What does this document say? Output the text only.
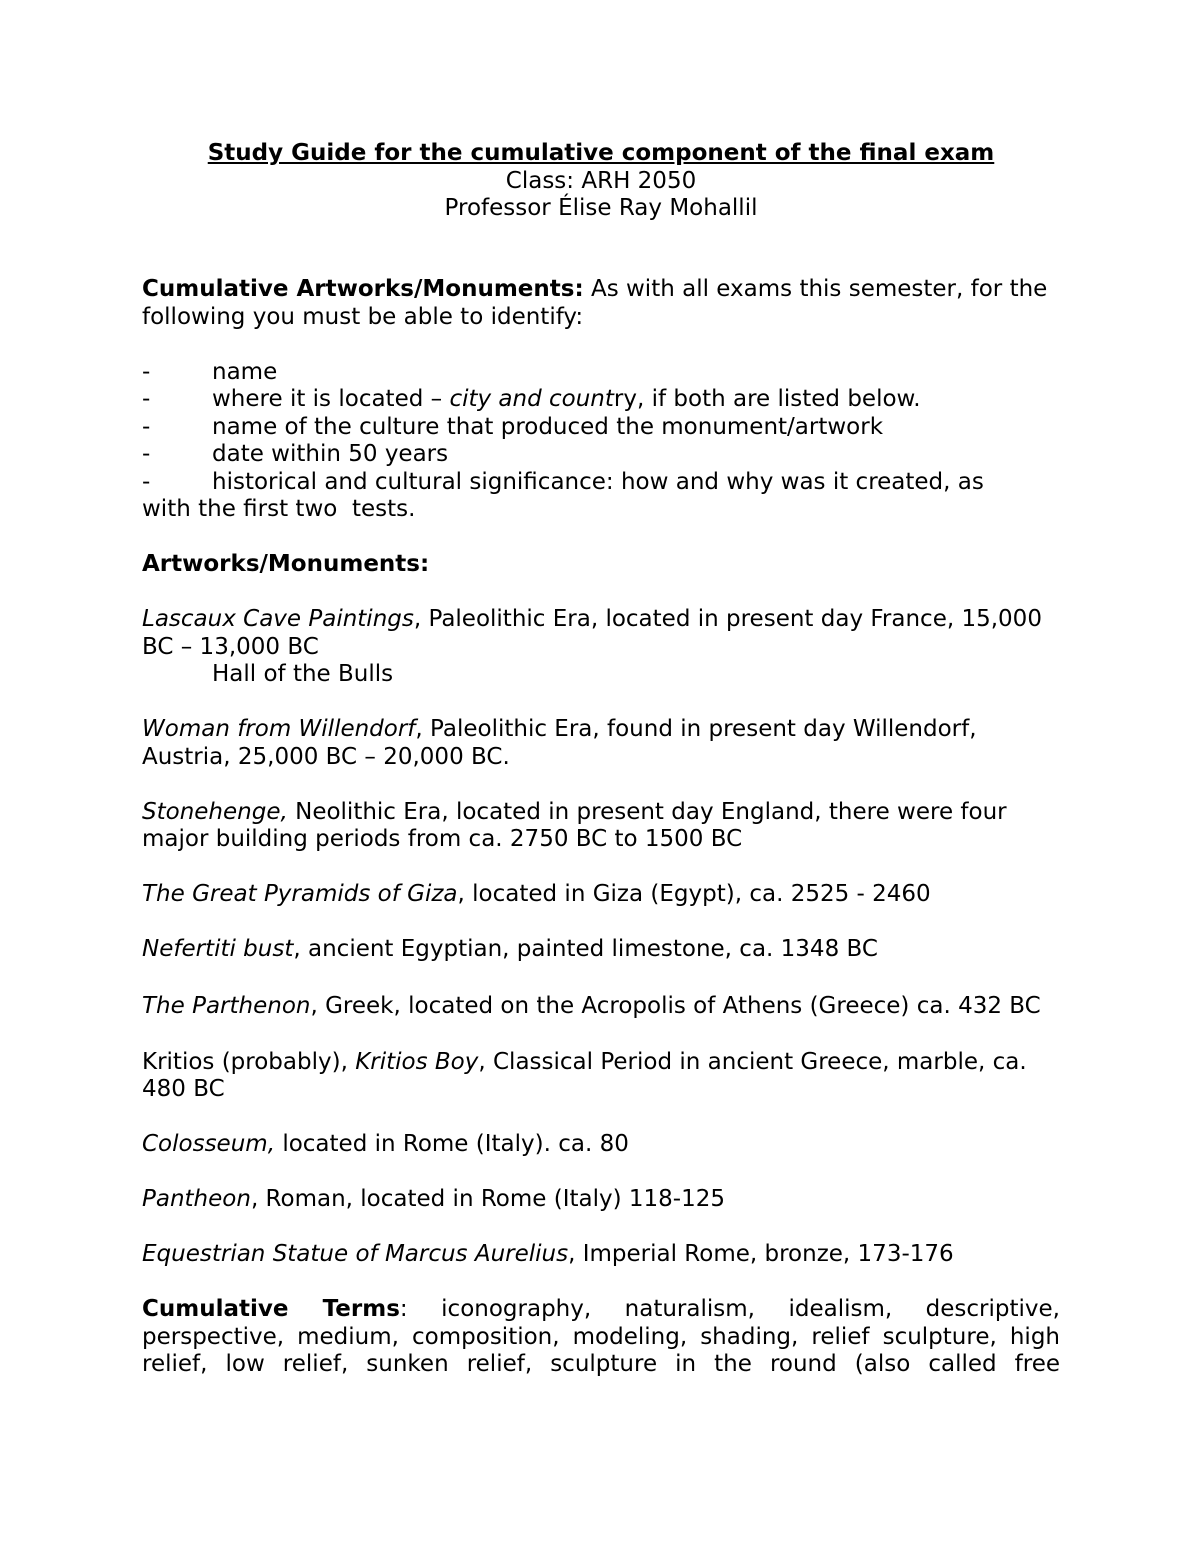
Study Guide for the cumulative component of the final exam
Class: ARH 2050
Professor Élise Ray Mohallil
Cumulative Artworks/Monuments: As with all exams this semester, for the following you must be able to identify:
-	name
-	where it is located – city and country, if both are listed below.
-	name of the culture that produced the monument/artwork
-	date within 50 years
-	historical and cultural significance: how and why was it created, as
with the first two  tests.
Artworks/Monuments:
Lascaux Cave Paintings, Paleolithic Era, located in present day France, 15,000 BC – 13,000 BC
Hall of the Bulls
Woman from Willendorf, Paleolithic Era, found in present day Willendorf, Austria, 25,000 BC – 20,000 BC.
Stonehenge, Neolithic Era, located in present day England, there were four major building periods from ca. 2750 BC to 1500 BC
The Great Pyramids of Giza, located in Giza (Egypt), ca. 2525 - 2460
Nefertiti bust, ancient Egyptian, painted limestone, ca. 1348 BC
The Parthenon, Greek, located on the Acropolis of Athens (Greece) ca. 432 BC
Kritios (probably), Kritios Boy, Classical Period in ancient Greece, marble, ca. 480 BC
Colosseum, located in Rome (Italy). ca. 80
Pantheon, Roman, located in Rome (Italy) 118-125
Equestrian Statue of Marcus Aurelius, Imperial Rome, bronze, 173-176
Cumulative Terms: iconography, naturalism, idealism, descriptive,
perspective, medium, composition, modeling, shading, relief sculpture, high
relief, low relief, sunken relief, sculpture in the round (also called free
